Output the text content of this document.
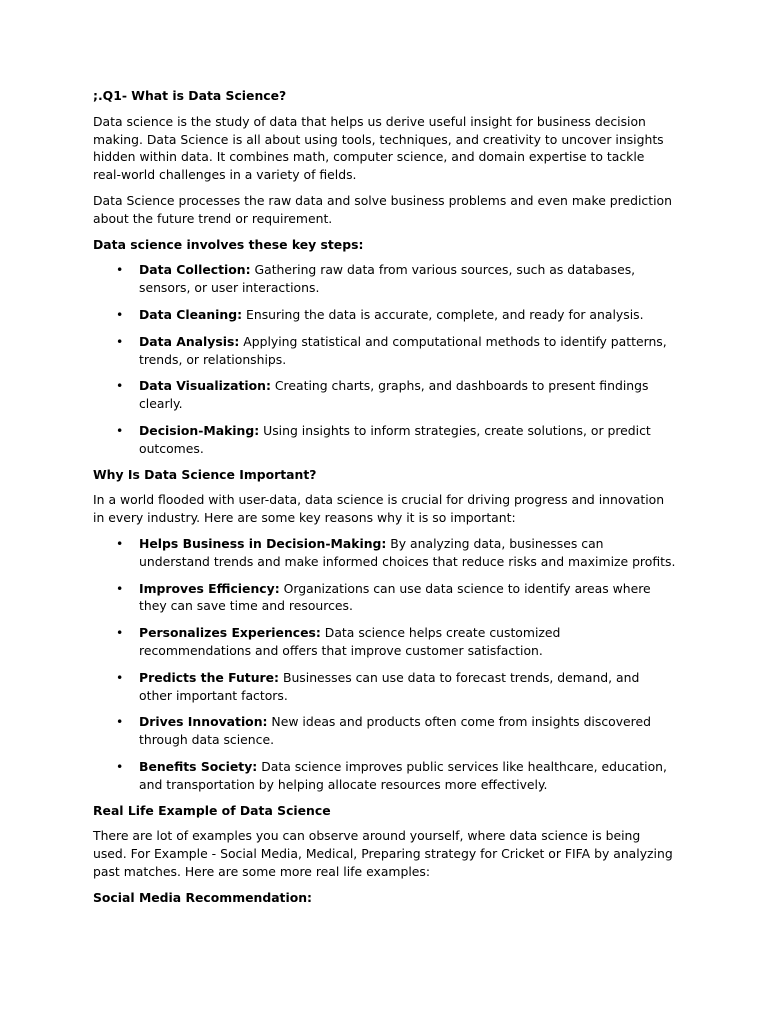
;.Q1- What is Data Science?

Data science is the study of data that helps us derive useful insight for business decision making. Data Science is all about using tools, techniques, and creativity to uncover insights hidden within data. It combines math, computer science, and domain expertise to tackle real-world challenges in a variety of fields.

Data Science processes the raw data and solve business problems and even make prediction about the future trend or requirement.

Data science involves these key steps:

• Data Collection: Gathering raw data from various sources, such as databases, sensors, or user interactions.
• Data Cleaning: Ensuring the data is accurate, complete, and ready for analysis.
• Data Analysis: Applying statistical and computational methods to identify patterns, trends, or relationships.
• Data Visualization: Creating charts, graphs, and dashboards to present findings clearly.
• Decision-Making: Using insights to inform strategies, create solutions, or predict outcomes.

Why Is Data Science Important?

In a world flooded with user-data, data science is crucial for driving progress and innovation in every industry. Here are some key reasons why it is so important:

• Helps Business in Decision-Making: By analyzing data, businesses can understand trends and make informed choices that reduce risks and maximize profits.
• Improves Efficiency: Organizations can use data science to identify areas where they can save time and resources.
• Personalizes Experiences: Data science helps create customized recommendations and offers that improve customer satisfaction.
• Predicts the Future: Businesses can use data to forecast trends, demand, and other important factors.
• Drives Innovation: New ideas and products often come from insights discovered through data science.
• Benefits Society: Data science improves public services like healthcare, education, and transportation by helping allocate resources more effectively.

Real Life Example of Data Science

There are lot of examples you can observe around yourself, where data science is being used. For Example - Social Media, Medical, Preparing strategy for Cricket or FIFA by analyzing past matches. Here are some more real life examples:

Social Media Recommendation:
